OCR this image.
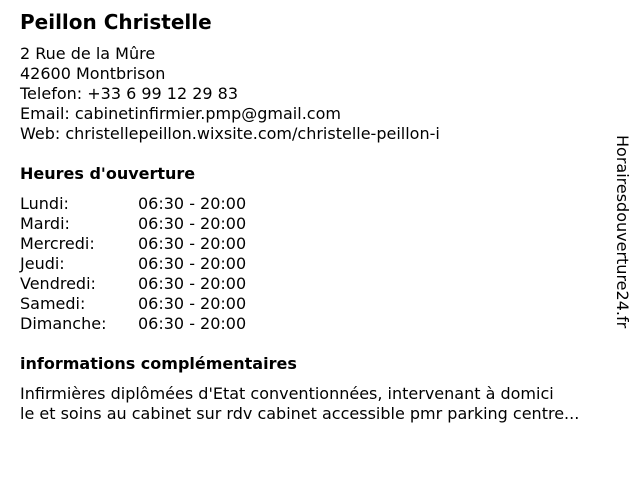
Peillon Christelle
2 Rue de la Mûre
42600 Montbrison
Telefon: +33 6 99 12 29 83
Email: cabinetinfirmier.pmp@gmail.com
Web: christellepeillon.wixsite.com/christelle-peillon-i
Heures d'ouverture
Lundi:	06:30 - 20:00
Mardi:	06:30 - 20:00
Mercredi:	06:30 - 20:00
Jeudi:	06:30 - 20:00
Vendredi:	06:30 - 20:00
Samedi:	06:30 - 20:00
Dimanche: 06:30 - 20:00
informations complémentaires
Infirmières diplômées d'Etat conventionnées, intervenant à domici
le et soins au cabinet sur rdv cabinet accessible pmr parking centre...
Horairesdouverture24.fr
